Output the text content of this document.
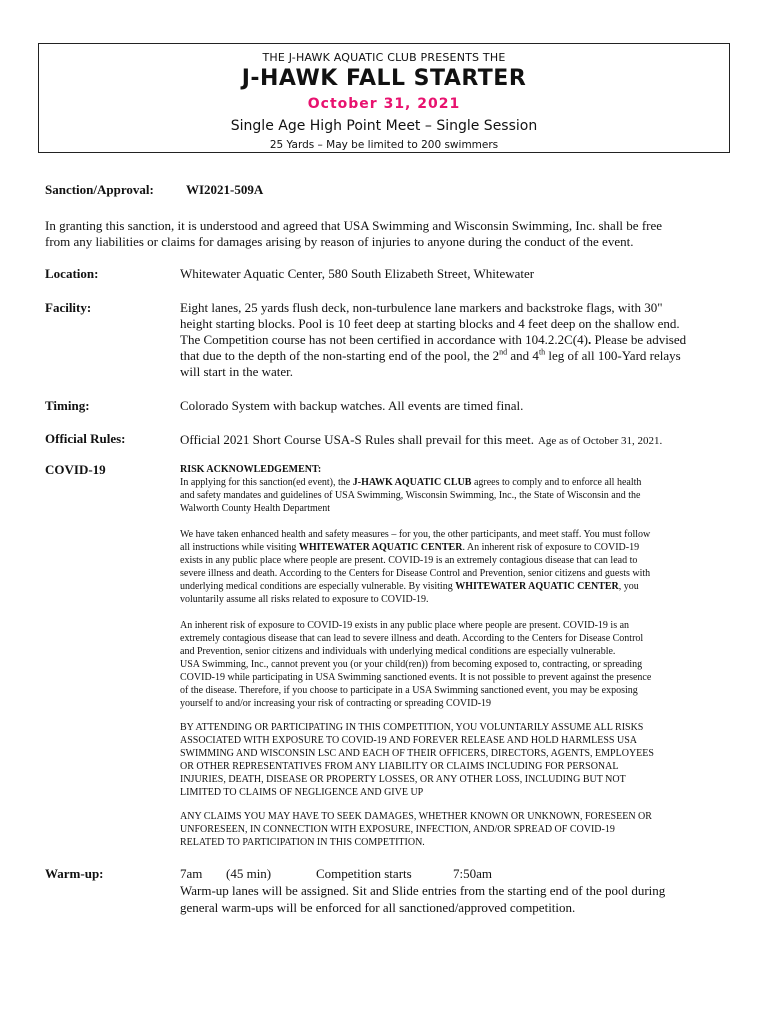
THE J-HAWK AQUATIC CLUB PRESENTS THE
J-HAWK FALL STARTER
October 31, 2021
Single Age High Point Meet – Single Session
25 Yards – May be limited to 200 swimmers
Sanction/Approval: WI2021-509A
In granting this sanction, it is understood and agreed that USA Swimming and Wisconsin Swimming, Inc. shall be free
from any liabilities or claims for damages arising by reason of injuries to anyone during the conduct of the event.
Location:	Whitewater Aquatic Center, 580 South Elizabeth Street, Whitewater
Facility:	Eight lanes, 25 yards flush deck, non-turbulence lane markers and backstroke flags, with 30"
height starting blocks. Pool is 10 feet deep at starting blocks and 4 feet deep on the shallow end.
The Competition course has not been certified in accordance with 104.2.2C(4). Please be advised
that due to the depth of the non-starting end of the pool, the 2nd and 4th leg of all 100-Yard relays
will start in the water.
Timing:	Colorado System with backup watches. All events are timed final.
Official Rules:	Official 2021 Short Course USA-S Rules shall prevail for this meet. Age as of October 31, 2021.
COVID-19	RISK ACKNOWLEDGEMENT:
In applying for this sanction(ed event), the J-HAWK AQUATIC CLUB agrees to comply and to enforce all health
and safety mandates and guidelines of USA Swimming, Wisconsin Swimming, Inc., the State of Wisconsin and the
Walworth County Health Department
We have taken enhanced health and safety measures – for you, the other participants, and meet staff. You must follow
all instructions while visiting WHITEWATER AQUATIC CENTER. An inherent risk of exposure to COVID-19
exists in any public place where people are present. COVID-19 is an extremely contagious disease that can lead to
severe illness and death. According to the Centers for Disease Control and Prevention, senior citizens and guests with
underlying medical conditions are especially vulnerable. By visiting WHITEWATER AQUATIC CENTER, you
voluntarily assume all risks related to exposure to COVID-19.
An inherent risk of exposure to COVID-19 exists in any public place where people are present. COVID-19 is an
extremely contagious disease that can lead to severe illness and death. According to the Centers for Disease Control
and Prevention, senior citizens and individuals with underlying medical conditions are especially vulnerable.
USA Swimming, Inc., cannot prevent you (or your child(ren)) from becoming exposed to, contracting, or spreading
COVID-19 while participating in USA Swimming sanctioned events. It is not possible to prevent against the presence
of the disease. Therefore, if you choose to participate in a USA Swimming sanctioned event, you may be exposing
yourself to and/or increasing your risk of contracting or spreading COVID-19
BY ATTENDING OR PARTICIPATING IN THIS COMPETITION, YOU VOLUNTARILY ASSUME ALL RISKS
ASSOCIATED WITH EXPOSURE TO COVID-19 AND FOREVER RELEASE AND HOLD HARMLESS USA
SWIMMING AND WISCONSIN LSC AND EACH OF THEIR OFFICERS, DIRECTORS, AGENTS, EMPLOYEES
OR OTHER REPRESENTATIVES FROM ANY LIABILITY OR CLAIMS INCLUDING FOR PERSONAL
INJURIES, DEATH, DISEASE OR PROPERTY LOSSES, OR ANY OTHER LOSS, INCLUDING BUT NOT
LIMITED TO CLAIMS OF NEGLIGENCE AND GIVE UP
ANY CLAIMS YOU MAY HAVE TO SEEK DAMAGES, WHETHER KNOWN OR UNKNOWN, FORESEEN OR
UNFORESEEN, IN CONNECTION WITH EXPOSURE, INFECTION, AND/OR SPREAD OF COVID-19
RELATED TO PARTICIPATION IN THIS COMPETITION.
Warm-up:	7am (45 min)	Competition starts	7:50am
Warm-up lanes will be assigned. Sit and Slide entries from the starting end of the pool during
general warm-ups will be enforced for all sanctioned/approved competition.
